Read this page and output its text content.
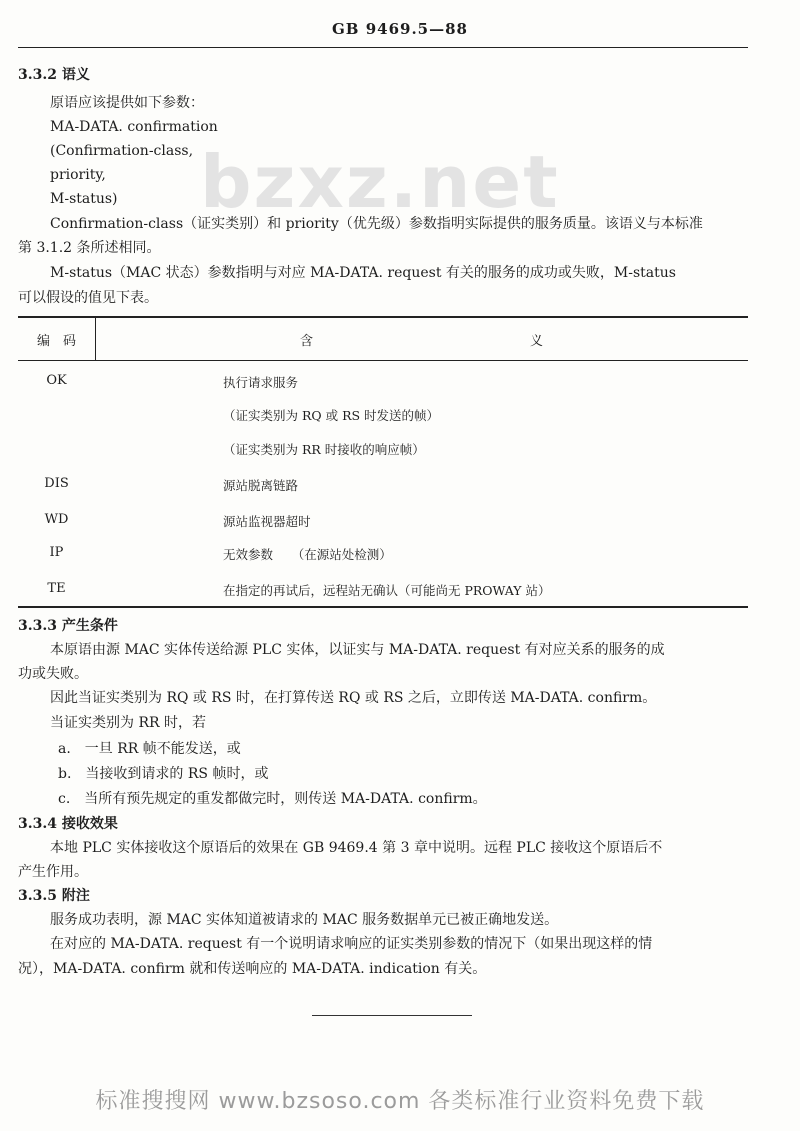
GB 9469.5—88
bzxz.net
3.3.2 语义
原语应该提供如下参数：
MA-DATA. confirmation
(Confirmation-class,
priority,
M-status)
Confirmation-class（证实类别）和 priority（优先级）参数指明实际提供的服务质量。该语义与本标准
第 3.1.2 条所述相同。
M-status（MAC 状态）参数指明与对应 MA-DATA. request 有关的服务的成功或失败，M-status
可以假设的值见下表。
编　码	含	义
OK	执行请求服务
（证实类别为 RQ 或 RS 时发送的帧）
（证实类别为 RR 时接收的响应帧）
DIS	源站脱离链路
WD	源站监视器超时
IP	无效参数　　（在源站处检测）
TE	在指定的再试后，远程站无确认（可能尚无 PROWAY 站）
3.3.3 产生条件
本原语由源 MAC 实体传送给源 PLC 实体，以证实与 MA-DATA. request 有对应关系的服务的成
功或失败。
因此当证实类别为 RQ 或 RS 时，在打算传送 RQ 或 RS 之后，立即传送 MA-DATA. confirm。
当证实类别为 RR 时，若
a.　一旦 RR 帧不能发送，或
b.　当接收到请求的 RS 帧时，或
c.　当所有预先规定的重发都做完时，则传送 MA-DATA. confirm。
3.3.4 接收效果
本地 PLC 实体接收这个原语后的效果在 GB 9469.4 第 3 章中说明。远程 PLC 接收这个原语后不
产生作用。
3.3.5 附注
服务成功表明，源 MAC 实体知道被请求的 MAC 服务数据单元已被正确地发送。
在对应的 MA-DATA. request 有一个说明请求响应的证实类别参数的情况下（如果出现这样的情
况），MA-DATA. confirm 就和传送响应的 MA-DATA. indication 有关。
标准搜搜网 www.bzsoso.com 各类标准行业资料免费下载
